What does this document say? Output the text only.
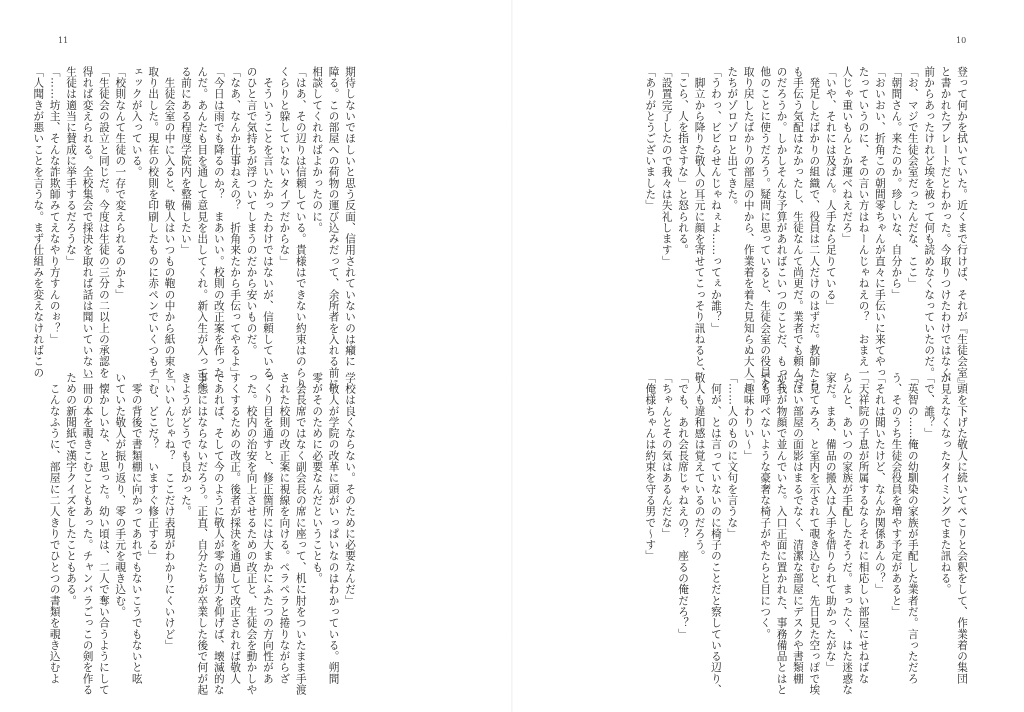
11	10
登って何かを拭いていた。近くまで行けば、それが『生徒会室』
と書かれたプレートだとわかった。今取りつけたわけではなく、
前からあったけれど埃を被って何も読めなくなっていたのだ。
「お、マジで生徒会室だったんだな、ここ」
「朝間さん。来たのか。珍しいな、自分から」
「おいおい、折角この朝間零ちゃんが直々に手伝いに来てやっ
たっていうのに、その言い方はねーんじゃねえの？　おまえ一
人じゃ重いもんとか運べねえだろ」
「いや、それには及ばん。人手なら足りている」
　発足したばかりの組織で、役員は二人だけのはずだ。教師たち
も手伝う気配はなかったし、生徒なんて尚更だ。業者でも頼んだ
のだろうか。しかしそんな予算があればこいつのことだ、もっと
他のことに使うだろう。疑問に思っていると、生徒会室の役員を
取り戻したばかりの部屋の中から、作業着を着た見知らぬ大人
たちがゾロゾロと出てきた。
「うわっ、ビビらせんじゃねぇよ……ってぇか誰？」
　脚立から降りた敬人の耳元に顔を寄せてこっそり訊ねると、
「こら、人を指さすな」と怒られる。
「設置完了したので我々は失礼します」
「ありがとうございました」
　頭を下げた敬人に続いてぺこりと会釈をして、作業着の集団
が見えなくなったタイミングでまた訊ねる。
「で、誰？」
「英智の……俺の幼馴染の家族が手配した業者だ。言っただろ
う、そのうち生徒会役員を増やす予定があると」
「それは聞いたけど、なんか関係あんの？」
「天祥院の子息が所属するならそれに相応しい部屋にせねばな
らんと、あいつの家族が手配したそうだ。まったく、はた迷惑な
家だ。まあ、備品の搬入は人手を借りられて助かったがな」
　見てみろ、と室内を示されて覗き込むと、先日見た空っぽで埃
っぽい部屋の面影はまるでなく、清潔な部屋にデスクや書類棚
が我が物顔で並んでいた。入口正面に置かれた、事務備品とはと
ても呼べないような豪奢な椅子がやたらと目につく。
「趣味わりい～」
「……人のものに文句を言うな」
　何が、とは言っていないのに椅子のことだと察している辺り、
敬人も違和感は覚えているのだろう。
「でも、あれ会長席じゃねえの？　座るの俺だろ？」
「ちゃんとその気はあるんだな」
「俺様ちゃんは約束を守る男で～す」
期待しないでほしいと思う反面、信用されていないのは癪に
障る。この部屋への荷物の運び込みだって、余所者を入れる前に
相談してくれればよかったのに。
「はあ、その辺りは信頼している。貴様はできない約束はのらり
くらりと躱していないタイプだからな」
　そういうことを言いたかったわけではないが、信頼している
のひと言で気持ちが浮ついてしまうのだから安いものだ。
「なあ、なんか仕事ねえの？　折角来たから手伝ってやるよ」
「今日は雨でも降るのか？　まあいい。校則の改正案を作った
んだ。あんたも目を通して意見を出してくれ。新入生が入ってく
る前にある程度学院内を整備したい」
　生徒会室の中に入ると、敬人はいつもの鞄の中から紙の束を
取り出した。現在の校則を印刷したものに赤ペンでいくつもチ
ェックが入っている。
「校則なんて生徒の一存で変えられるのかよ」
「生徒会の設立と同じだ。今度は生徒の三分の二以上の承認を
得れば変えられる。全校集会で採決を取れば話は聞いていない
生徒は適当に賛成に挙手するだろうな」
「……坊主、そんな詐欺師みてえなやり方すんのぉ？」
「人聞きが悪いことを言うな。まず仕組みを変えなければこの
学校は良くならない。そのために必要なんだ」
　敬人が学院の改革に頭がいっぱいなのはわかっている。朔間
零がそのために必要なんだということも。
　会長席ではなく副会長の席に座って、机に肘をついたまま手渡
された校則の改正案に視線を向ける。ペラペラと捲りながらざ
っくり目を通すと、修正箇所には大まかにふたつの方向性があ
った。校内の治安を向上させるための改正と、生徒会を動かしや
すくするための改正。後者が採決を通過して改正されれば敬人
であれば、そして今のように敬人が零の協力を仰げば、壊滅的な
事態にはならないだろう。正直、自分たちが卒業した後で何が起
きようがどうでも良かった。
「いいんじゃね？　ここだけ表現がわかりにくいけど」
「む、どこだ？　いますぐ修正する」
　零の背後で書類棚に向かってあれでもないこうでもないと呟
いていた敬人が振り返り、零の手元を覗き込む。
　懐かしいな、と思った。幼い頃は、二人で奪い合うようにして
一冊の本を覗きこむこともあった。チャンバラごっこの剣を作る
ための新聞紙で漢字クイズをしたこともある。
　こんなふうに、部屋に二人きりでひとつの書類を覗き込むよ
